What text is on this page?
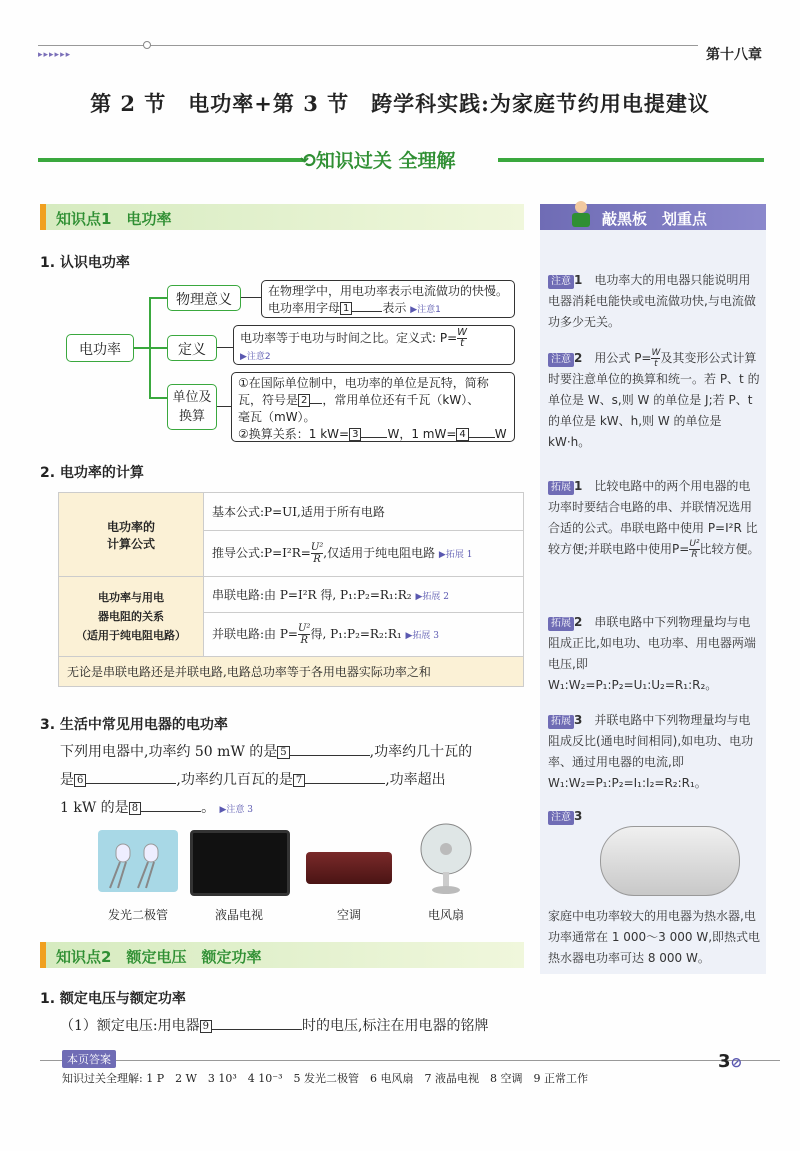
▸▸▸▸▸▸	第十八章
第 2 节　电功率+第 3 节　跨学科实践:为家庭节约用电提建议
⟲知识过关 全理解
知识点1　电功率
1. 认识电功率
电功率
物理意义
定义
单位及
换算
在物理学中，用电功率表示电流做功的快慢。
电功率用字母 1	表示 ▶注意1
电功率等于电功与时间之比。定义式: $P= \frac{W}{t}$
▶注意2
①在国际单位制中，电功率的单位是瓦特，简称
瓦，符号是 2 ，常用单位还有千瓦（kW）、
毫瓦（mW）。
②换算关系：1 kW= 3 W，1 mW= 4 W
2. 电功率的计算
电功率的
计算公式	基本公式:P=UI,适用于所有电路
	推导公式:P=I²R= $\frac{\text{U²}}{R}$ ,仅适用于纯电阻电路 ▶拓展 1

电功率与用电
器电阻的关系
（适用于纯电阻电路）	串联电路:由 P=I²R 得, P₁:P₂=R₁:R₂ ▶拓展 2
	并联电路:由 $P= \frac{\text{U²}}{R}$ 得, P₁:P₂=R₂:R₁ ▶拓展 3
无论是串联电路还是并联电路,电路总功率等于各用电器实际功率之和	
3. 生活中常见用电器的电功率
下列用电器中,功率约 50 mW 的是 5	,功率约几十瓦的
是 6	,功率约几百瓦的是 7	,功率超出
1 kW 的是 8	。 ▶注意 3
发光二极管	液晶电视	空调	电风扇
知识点2　额定电压　额定功率
1. 额定电压与额定功率
（1）额定电压:用电器 9	时的电压,标注在用电器的铭牌
敲黑板　划重点
注意 1　 电功率大的用电器只能说明用电器消耗电能快或电流做功快,与电流做功多少无关。
注意 2　 用公式 $P= \frac{W}{t}$ 及其变形公式计算时要注意单位的换算和统一。若 P、t 的单位是 W、s,则 W 的单位是 J;若 P、t 的单位是 kW、h,则 W 的单位是 kW·h。
拓展 1　 比较电路中的两个用电器的电功率时要结合电路的串、并联情况选用合适的公式。串联电路中使用 P=I²R 比较方便;并联电路中使用$P= \frac{\text{U²}}{R}$ 比较方便。
拓展 2　 串联电路中下列物理量均与电阻成正比,如电功、电功率、用电器两端电压,即 W₁:W₂=P₁:P₂=U₁:U₂=R₁:R₂。
拓展 3　 并联电路中下列物理量均与电阻成反比(通电时间相同),如电功、电功率、通过用电器的电流,即 W₁:W₂=P₁:P₂=I₁:I₂=R₂:R₁。
注意 3
家庭中电功率较大的用电器为热水器,电功率通常在 1 000～3 000 W,即热式电热水器电功率可达 8 000 W。
本页答案
知识过关全理解: 1 P　2 W　3 10³　4 10⁻³　5 发光二极管　6 电风扇　7 液晶电视　8 空调　9 正常工作
3⊘
